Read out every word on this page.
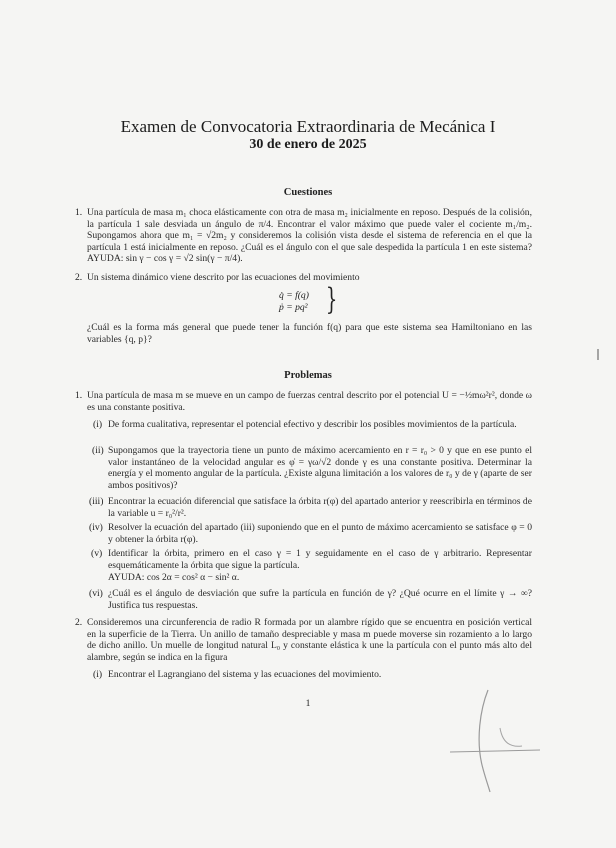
Examen de Convocatoria Extraordinaria de Mecánica I
30 de enero de 2025
Cuestiones
1. Una partícula de masa m₁ choca elásticamente con otra de masa m₂ inicialmente en reposo. Después de la colisión, la partícula 1 sale desviada un ángulo de π/4. Encontrar el valor máximo que puede valer el cociente m₁/m₂. Supongamos ahora que m₁ = √2m₂ y consideremos la colisión vista desde el sistema de referencia en el que la partícula 1 está inicialmente en reposo. ¿Cuál es el ángulo con el que sale despedida la partícula 1 en este sistema? AYUDA: sin γ − cos γ = √2 sin(γ − π/4).
2. Un sistema dinámico viene descrito por las ecuaciones del movimiento
q̇ = f(q)
ṗ = pq² }
¿Cuál es la forma más general que puede tener la función f(q) para que este sistema sea Hamiltoniano en las variables {q, p}?
Problemas
1. Una partícula de masa m se mueve en un campo de fuerzas central descrito por el potencial U = −½mω²r², donde ω es una constante positiva.
(i) De forma cualitativa, representar el potencial efectivo y describir los posibles movimientos de la partícula.
(ii) Supongamos que la trayectoria tiene un punto de máximo acercamiento en r = r₀ > 0 y que en ese punto el valor instantáneo de la velocidad angular es φ̇ = γω/√2 donde γ es una constante positiva. Determinar la energía y el momento angular de la partícula. ¿Existe alguna limitación a los valores de r₀ y de γ (aparte de ser ambos positivos)?
(iii) Encontrar la ecuación diferencial que satisface la órbita r(φ) del apartado anterior y reescribirla en términos de la variable u = r₀²/r².
(iv) Resolver la ecuación del apartado (iii) suponiendo que en el punto de máximo acercamiento se satisface φ = 0 y obtener la órbita r(φ).
(v) Identificar la órbita, primero en el caso γ = 1 y seguidamente en el caso de γ arbitrario. Representar esquemáticamente la órbita que sigue la partícula.
AYUDA: cos 2α = cos² α − sin² α.
(vi) ¿Cuál es el ángulo de desviación que sufre la partícula en función de γ? ¿Qué ocurre en el límite γ → ∞? Justifica tus respuestas.
2. Consideremos una circunferencia de radio R formada por un alambre rígido que se encuentra en posición vertical en la superficie de la Tierra. Un anillo de tamaño despreciable y masa m puede moverse sin rozamiento a lo largo de dicho anillo. Un muelle de longitud natural L₀ y constante elástica k une la partícula con el punto más alto del alambre, según se indica en la figura
(i) Encontrar el Lagrangiano del sistema y las ecuaciones del movimiento.
1
